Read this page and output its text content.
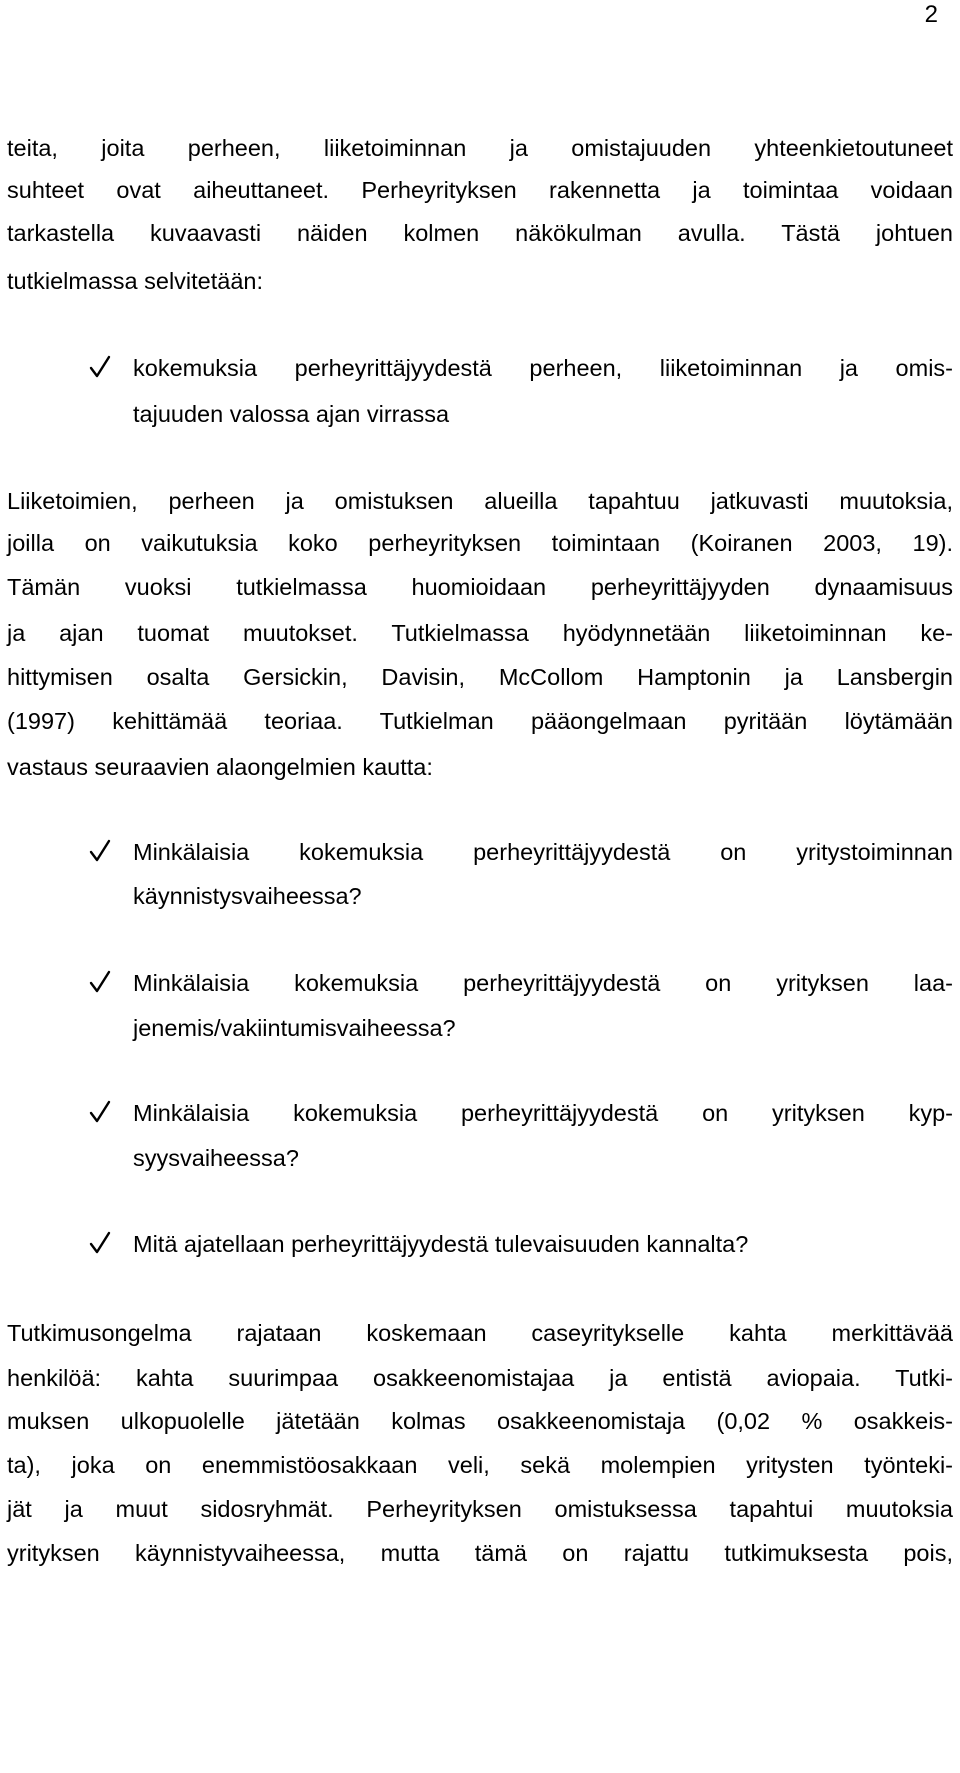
2
teita, joita perheen, liiketoiminnan ja omistajuuden yhteenkietoutuneet
suhteet ovat aiheuttaneet. Perheyrityksen rakennetta ja toimintaa voidaan
tarkastella kuvaavasti näiden kolmen näkökulman avulla. Tästä johtuen
tutkielmassa selvitetään:
kokemuksia perheyrittäjyydestä perheen, liiketoiminnan ja omis-
tajuuden valossa ajan virrassa
Liiketoimien, perheen ja omistuksen alueilla tapahtuu jatkuvasti muutoksia,
joilla on vaikutuksia koko perheyrityksen toimintaan (Koiranen 2003, 19).
Tämän vuoksi tutkielmassa huomioidaan perheyrittäjyyden dynaamisuus
ja ajan tuomat muutokset. Tutkielmassa hyödynnetään liiketoiminnan ke-
hittymisen osalta Gersickin, Davisin, McCollom Hamptonin ja Lansbergin
(1997) kehittämää teoriaa. Tutkielman pääongelmaan pyritään löytämään
vastaus seuraavien alaongelmien kautta:
Minkälaisia kokemuksia perheyrittäjyydestä on yritystoiminnan
käynnistysvaiheessa?
Minkälaisia kokemuksia perheyrittäjyydestä on yrityksen laa-
jenemis/vakiintumisvaiheessa?
Minkälaisia kokemuksia perheyrittäjyydestä on yrityksen kyp-
syysvaiheessa?
Mitä ajatellaan perheyrittäjyydestä tulevaisuuden kannalta?
Tutkimusongelma rajataan koskemaan caseyritykselle kahta merkittävää
henkilöä: kahta suurimpaa osakkeenomistajaa ja entistä aviopaia. Tutki-
muksen ulkopuolelle jätetään kolmas osakkeenomistaja (0,02 % osakkeis-
ta), joka on enemmistöosakkaan veli, sekä molempien yritysten työnteki-
jät ja muut sidosryhmät. Perheyrityksen omistuksessa tapahtui muutoksia
yrityksen käynnistyvaiheessa, mutta tämä on rajattu tutkimuksesta pois,
